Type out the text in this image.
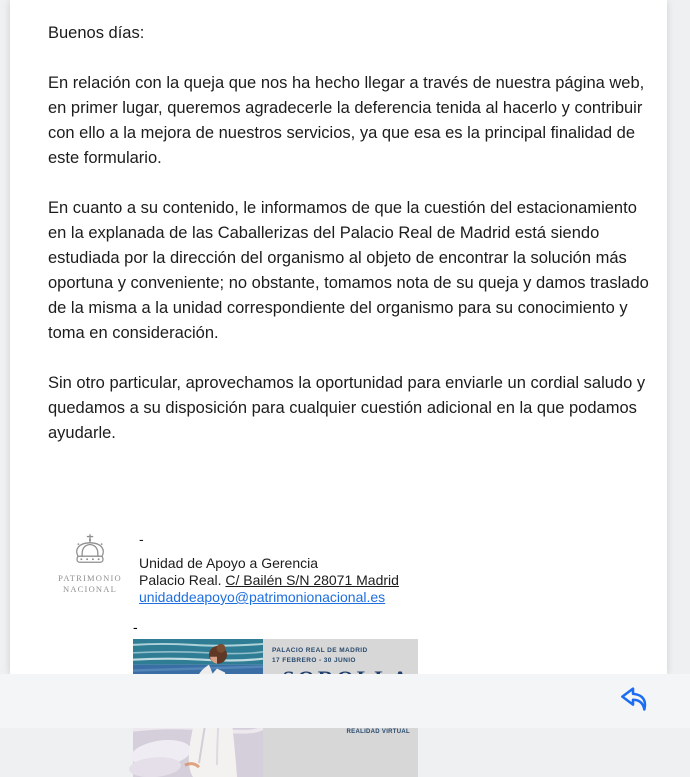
Buenos días:

En relación con la queja que nos ha hecho llegar a través de nuestra página web, en primer lugar, queremos agradecerle la deferencia tenida al hacerlo y contribuir con ello a la mejora de nuestros servicios, ya que esa es la principal finalidad de este formulario.

En cuanto a su contenido, le informamos de que la cuestión del estacionamiento en la explanada de las Caballerizas del Palacio Real de Madrid está siendo estudiada por la dirección del organismo al objeto de encontrar la solución más oportuna y conveniente; no obstante, tomamos nota de su queja y damos traslado de la misma a la unidad correspondiente del organismo para su conocimiento y toma en consideración.

Sin otro particular, aprovechamos la oportunidad para enviarle un cordial saludo y quedamos a su disposición para cualquier cuestión adicional en la que podamos ayudarle.

PATRIMONIO
NACIONAL
-
Unidad de Apoyo a Gerencia
Palacio Real. C/ Bailén S/N 28071 Madrid
unidaddeapoyo@patrimonionacional.es
-
PALACIO REAL DE MADRID
17 FEBRERO - 30 JUNIO
REALIDAD VIRTUAL
